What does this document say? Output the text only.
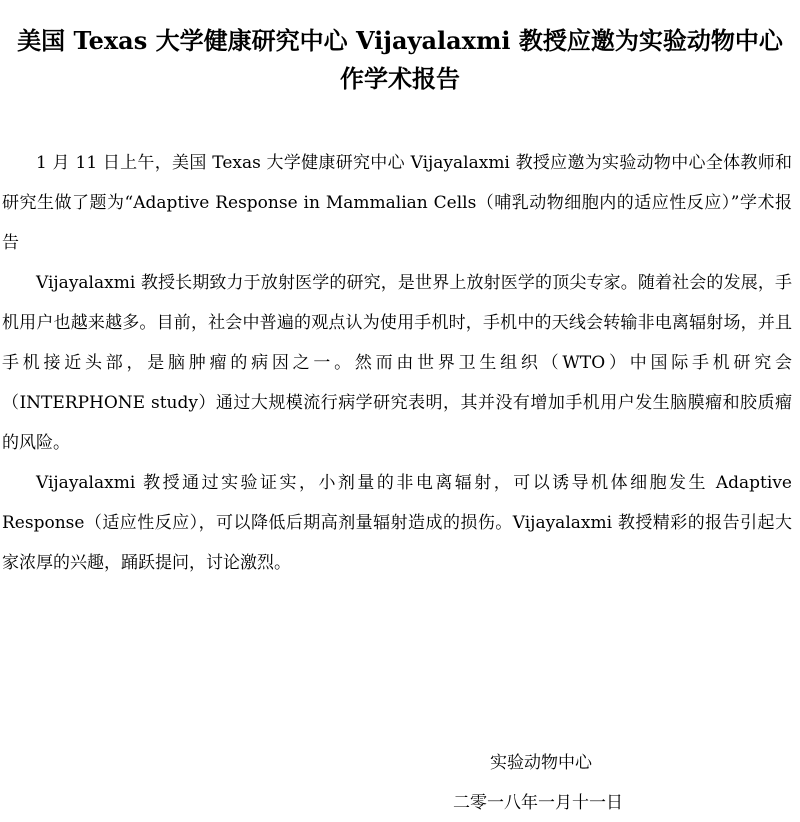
美国 Texas 大学健康研究中心 Vijayalaxmi 教授应邀为实验动物中心
作学术报告

1 月 11 日上午，美国 Texas 大学健康研究中心 Vijayalaxmi 教授应邀为实验动物中心全体教师和研究生做了题为“Adaptive Response in Mammalian Cells（哺乳动物细胞内的适应性反应）”学术报告

Vijayalaxmi 教授长期致力于放射医学的研究，是世界上放射医学的顶尖专家。随着社会的发展，手机用户也越来越多。目前，社会中普遍的观点认为使用手机时，手机中的天线会转输非电离辐射场，并且手机接近头部，是脑肿瘤的病因之一。然而由世界卫生组织（WTO）中国际手机研究会（INTERPHONE study）通过大规模流行病学研究表明，其并没有增加手机用户发生脑膜瘤和胶质瘤的风险。

Vijayalaxmi 教授通过实验证实，小剂量的非电离辐射，可以诱导机体细胞发生 Adaptive Response（适应性反应），可以降低后期高剂量辐射造成的损伤。Vijayalaxmi 教授精彩的报告引起大家浓厚的兴趣，踊跃提问，讨论激烈。

实验动物中心
二零一八年一月十一日
